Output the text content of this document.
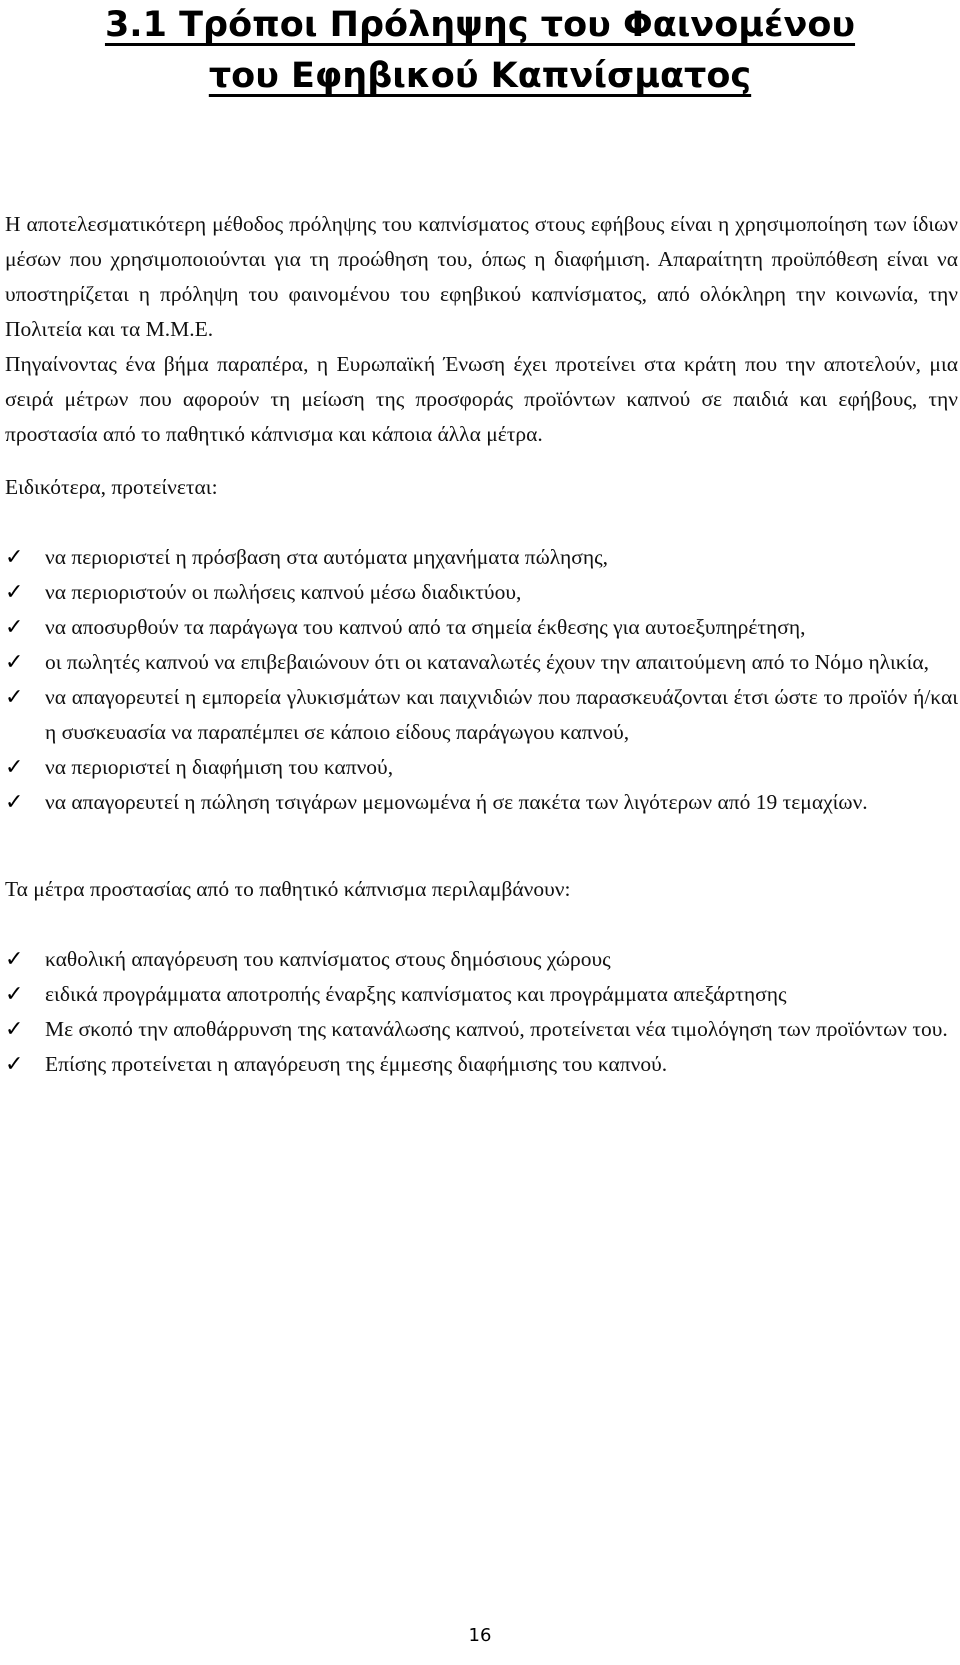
3.1 Τρόποι Πρόληψης του Φαινομένου
του Εφηβικού Καπνίσματος

Η αποτελεσματικότερη μέθοδος πρόληψης του καπνίσματος στους εφήβους είναι η χρησιμοποίηση των ίδιων μέσων που χρησιμοποιούνται για τη προώθηση του, όπως η διαφήμιση. Απαραίτητη προϋπόθεση είναι να υποστηρίζεται η πρόληψη του φαινομένου του εφηβικού καπνίσματος, από ολόκληρη την κοινωνία, την Πολιτεία και τα Μ.Μ.Ε.

Πηγαίνοντας ένα βήμα παραπέρα, η Ευρωπαϊκή Ένωση έχει προτείνει στα κράτη που την αποτελούν, μια σειρά μέτρων που αφορούν τη μείωση της προσφοράς προϊόντων καπνού σε παιδιά και εφήβους, την προστασία από το παθητικό κάπνισμα και κάποια άλλα μέτρα.

Ειδικότερα, προτείνεται:

✓	να περιοριστεί η πρόσβαση στα αυτόματα μηχανήματα πώλησης,
✓	να περιοριστούν οι πωλήσεις καπνού μέσω διαδικτύου,
✓	να αποσυρθούν τα παράγωγα του καπνού από τα σημεία έκθεσης για αυτοεξυπηρέτηση,
✓	οι πωλητές καπνού να επιβεβαιώνουν ότι οι καταναλωτές έχουν την απαιτούμενη από το Νόμο ηλικία,
✓	να απαγορευτεί η εμπορεία γλυκισμάτων και παιχνιδιών που παρασκευάζονται έτσι ώστε το προϊόν ή/και η συσκευασία να παραπέμπει σε κάποιο είδους παράγωγου καπνού,
✓	να περιοριστεί η διαφήμιση του καπνού,
✓	να απαγορευτεί η πώληση τσιγάρων μεμονωμένα ή σε πακέτα των λιγότερων από 19 τεμαχίων.

Τα μέτρα προστασίας από το παθητικό κάπνισμα περιλαμβάνουν:

✓	καθολική απαγόρευση του καπνίσματος στους δημόσιους χώρους
✓	ειδικά προγράμματα αποτροπής έναρξης καπνίσματος και προγράμματα απεξάρτησης
✓	Με σκοπό την αποθάρρυνση της κατανάλωσης καπνού, προτείνεται νέα τιμολόγηση των προϊόντων του.
✓	Επίσης προτείνεται η απαγόρευση της έμμεσης διαφήμισης του καπνού.
16
